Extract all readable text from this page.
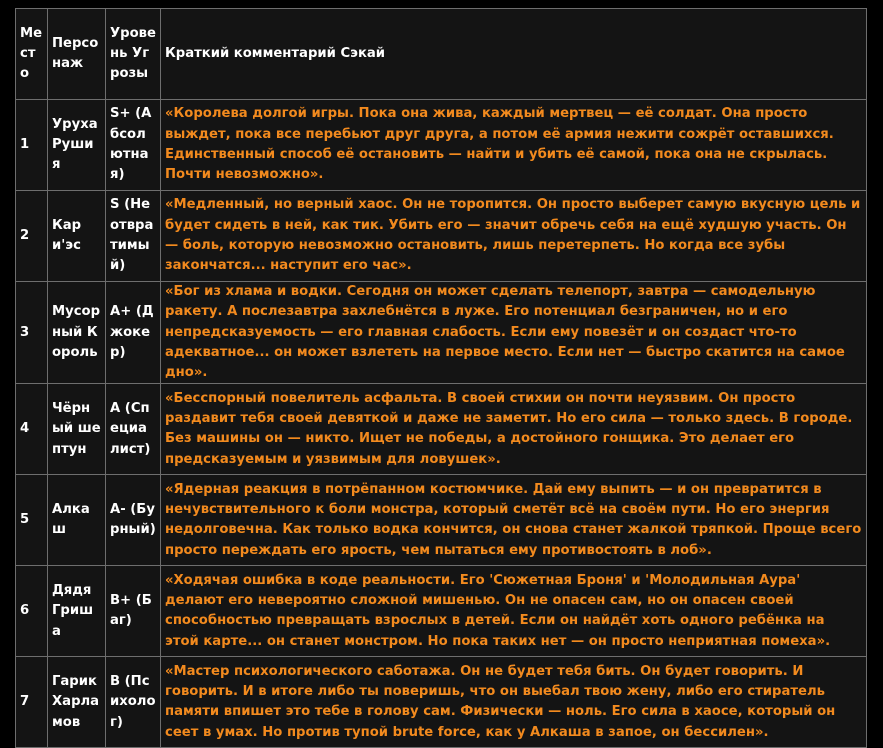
Место	Персонаж	Уровень Угрозы	Краткий комментарий Сэкай
1	Уруха Рушия	S+ (Абсолютная)	«Королева долгой игры. Пока она жива, каждый мертвец — её солдат. Она просто выждет, пока все перебьют друг друга, а потом её армия нежити сожрёт оставшихся. Единственный способ её остановить — найти и убить её самой, пока она не скрылась. Почти невозможно».
2	Кари'эс	S (Неотвратимый)	«Медленный, но верный хаос. Он не торопится. Он просто выберет самую вкусную цель и будет сидеть в ней, как тик. Убить его — значит обречь себя на ещё худшую участь. Он — боль, которую невозможно остановить, лишь перетерпеть. Но когда все зубы закончатся... наступит его час».
3	Мусорный Король	A+ (Джокер)	«Бог из хлама и водки. Сегодня он может сделать телепорт, завтра — самодельную ракету. А послезавтра захлебнётся в луже. Его потенциал безграничен, но и его непредсказуемость — его главная слабость. Если ему повезёт и он создаст что-то адекватное... он может взлететь на первое место. Если нет — быстро скатится на самое дно».
4	Чёрный шептун	A (Специалист)	«Бесспорный повелитель асфальта. В своей стихии он почти неуязвим. Он просто раздавит тебя своей девяткой и даже не заметит. Но его сила — только здесь. В городе. Без машины он — никто. Ищет не победы, а достойного гонщика. Это делает его предсказуемым и уязвимым для ловушек».
5	Алкаш	A- (Бурный)	«Ядерная реакция в потрёпанном костюмчике. Дай ему выпить — и он превратится в нечувствительного к боли монстра, который сметёт всё на своём пути. Но его энергия недолговечна. Как только водка кончится, он снова станет жалкой тряпкой. Проще всего просто переждать его ярость, чем пытаться ему противостоять в лоб».
6	Дядя Гриша	B+ (Баг)	«Ходячая ошибка в коде реальности. Его 'Сюжетная Броня' и 'Молодильная Аура' делают его невероятно сложной мишенью. Он не опасен сам, но он опасен своей способностью превращать взрослых в детей. Если он найдёт хоть одного ребёнка на этой карте... он станет монстром. Но пока таких нет — он просто неприятная помеха».
7	Гарик Харламов	B (Психолог)	«Мастер психологического саботажа. Он не будет тебя бить. Он будет говорить. И говорить. И в итоге либо ты поверишь, что он выебал твою жену, либо его стиратель памяти впишет это тебе в голову сам. Физически — ноль. Его сила в хаосе, который он сеет в умах. Но против тупой brute force, как у Алкаша в запое, он бессилен».
